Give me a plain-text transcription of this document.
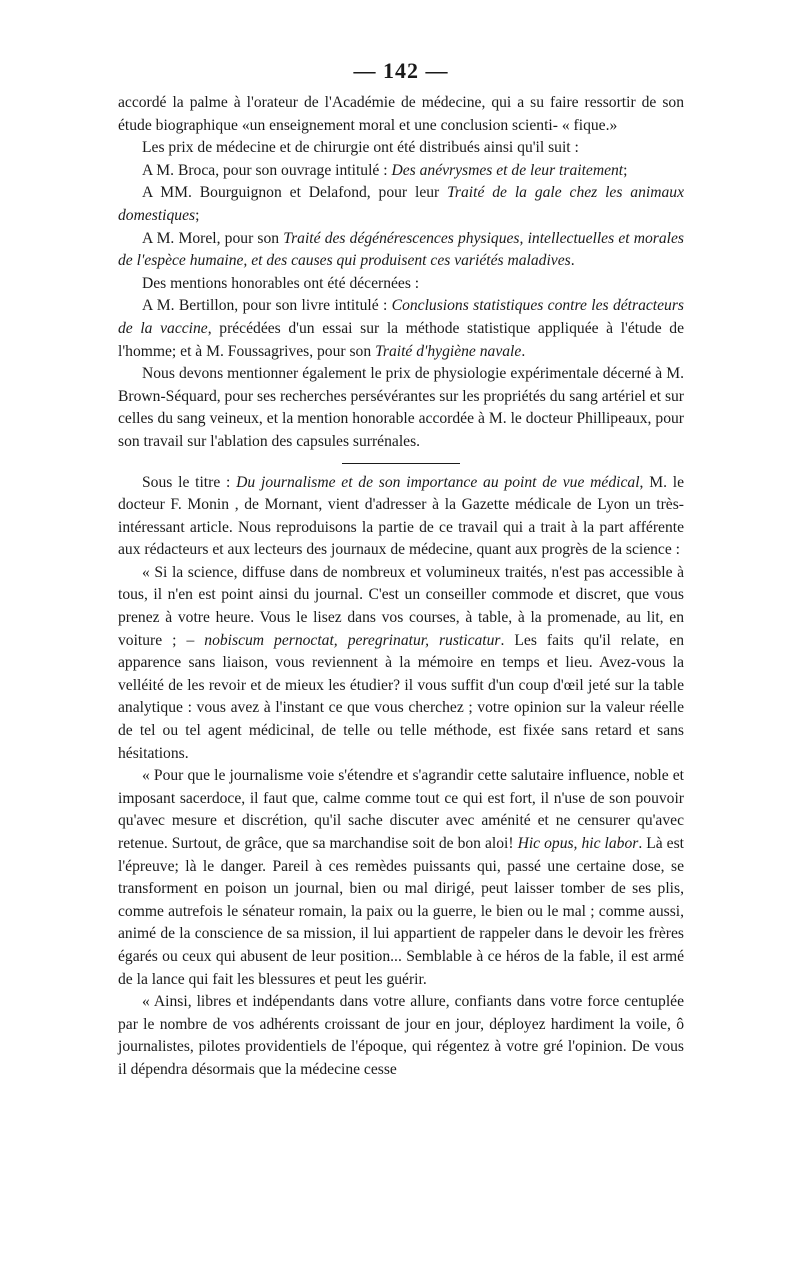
— 142 —

accordé la palme à l'orateur de l'Académie de médecine, qui a su faire ressortir de son étude biographique «un enseignement moral et une conclusion scienti- « fique.»

Les prix de médecine et de chirurgie ont été distribués ainsi qu'il suit :

A M. Broca, pour son ouvrage intitulé : Des anévrysmes et de leur traitement;

A MM. Bourguignon et Delafond, pour leur Traité de la gale chez les animaux domestiques;

A M. Morel, pour son Traité des dégénérescences physiques, intellectuelles et morales de l'espèce humaine, et des causes qui produisent ces variétés maladives.

Des mentions honorables ont été décernées :

A M. Bertillon, pour son livre intitulé : Conclusions statistiques contre les détracteurs de la vaccine, précédées d'un essai sur la méthode statistique appliquée à l'étude de l'homme; et à M. Foussagrives, pour son Traité d'hygiène navale.

Nous devons mentionner également le prix de physiologie expérimentale décerné à M. Brown-Séquard, pour ses recherches persévérantes sur les propriétés du sang artériel et sur celles du sang veineux, et la mention honorable accordée à M. le docteur Phillipeaux, pour son travail sur l'ablation des capsules surrénales.

Sous le titre : Du journalisme et de son importance au point de vue médical, M. le docteur F. Monin , de Mornant, vient d'adresser à la Gazette médicale de Lyon un très-intéressant article. Nous reproduisons la partie de ce travail qui a trait à la part afférente aux rédacteurs et aux lecteurs des journaux de médecine, quant aux progrès de la science :

« Si la science, diffuse dans de nombreux et volumineux traités, n'est pas accessible à tous, il n'en est point ainsi du journal. C'est un conseiller commode et discret, que vous prenez à votre heure. Vous le lisez dans vos courses, à table, à la promenade, au lit, en voiture ; – nobiscum pernoctat, peregrinatur, rusticatur. Les faits qu'il relate, en apparence sans liaison, vous reviennent à la mémoire en temps et lieu. Avez-vous la velléité de les revoir et de mieux les étudier? il vous suffit d'un coup d'œil jeté sur la table analytique : vous avez à l'instant ce que vous cherchez ; votre opinion sur la valeur réelle de tel ou tel agent médicinal, de telle ou telle méthode, est fixée sans retard et sans hésitations.

« Pour que le journalisme voie s'étendre et s'agrandir cette salutaire influence, noble et imposant sacerdoce, il faut que, calme comme tout ce qui est fort, il n'use de son pouvoir qu'avec mesure et discrétion, qu'il sache discuter avec aménité et ne censurer qu'avec retenue. Surtout, de grâce, que sa marchandise soit de bon aloi! Hic opus, hic labor. Là est l'épreuve; là le danger. Pareil à ces remèdes puissants qui, passé une certaine dose, se transforment en poison un journal, bien ou mal dirigé, peut laisser tomber de ses plis, comme autrefois le sénateur romain, la paix ou la guerre, le bien ou le mal ; comme aussi, animé de la conscience de sa mission, il lui appartient de rappeler dans le devoir les frères égarés ou ceux qui abusent de leur position... Semblable à ce héros de la fable, il est armé de la lance qui fait les blessures et peut les guérir.

« Ainsi, libres et indépendants dans votre allure, confiants dans votre force centuplée par le nombre de vos adhérents croissant de jour en jour, déployez hardiment la voile, ô journalistes, pilotes providentiels de l'époque, qui régentez à votre gré l'opinion. De vous il dépendra désormais que la médecine cesse
